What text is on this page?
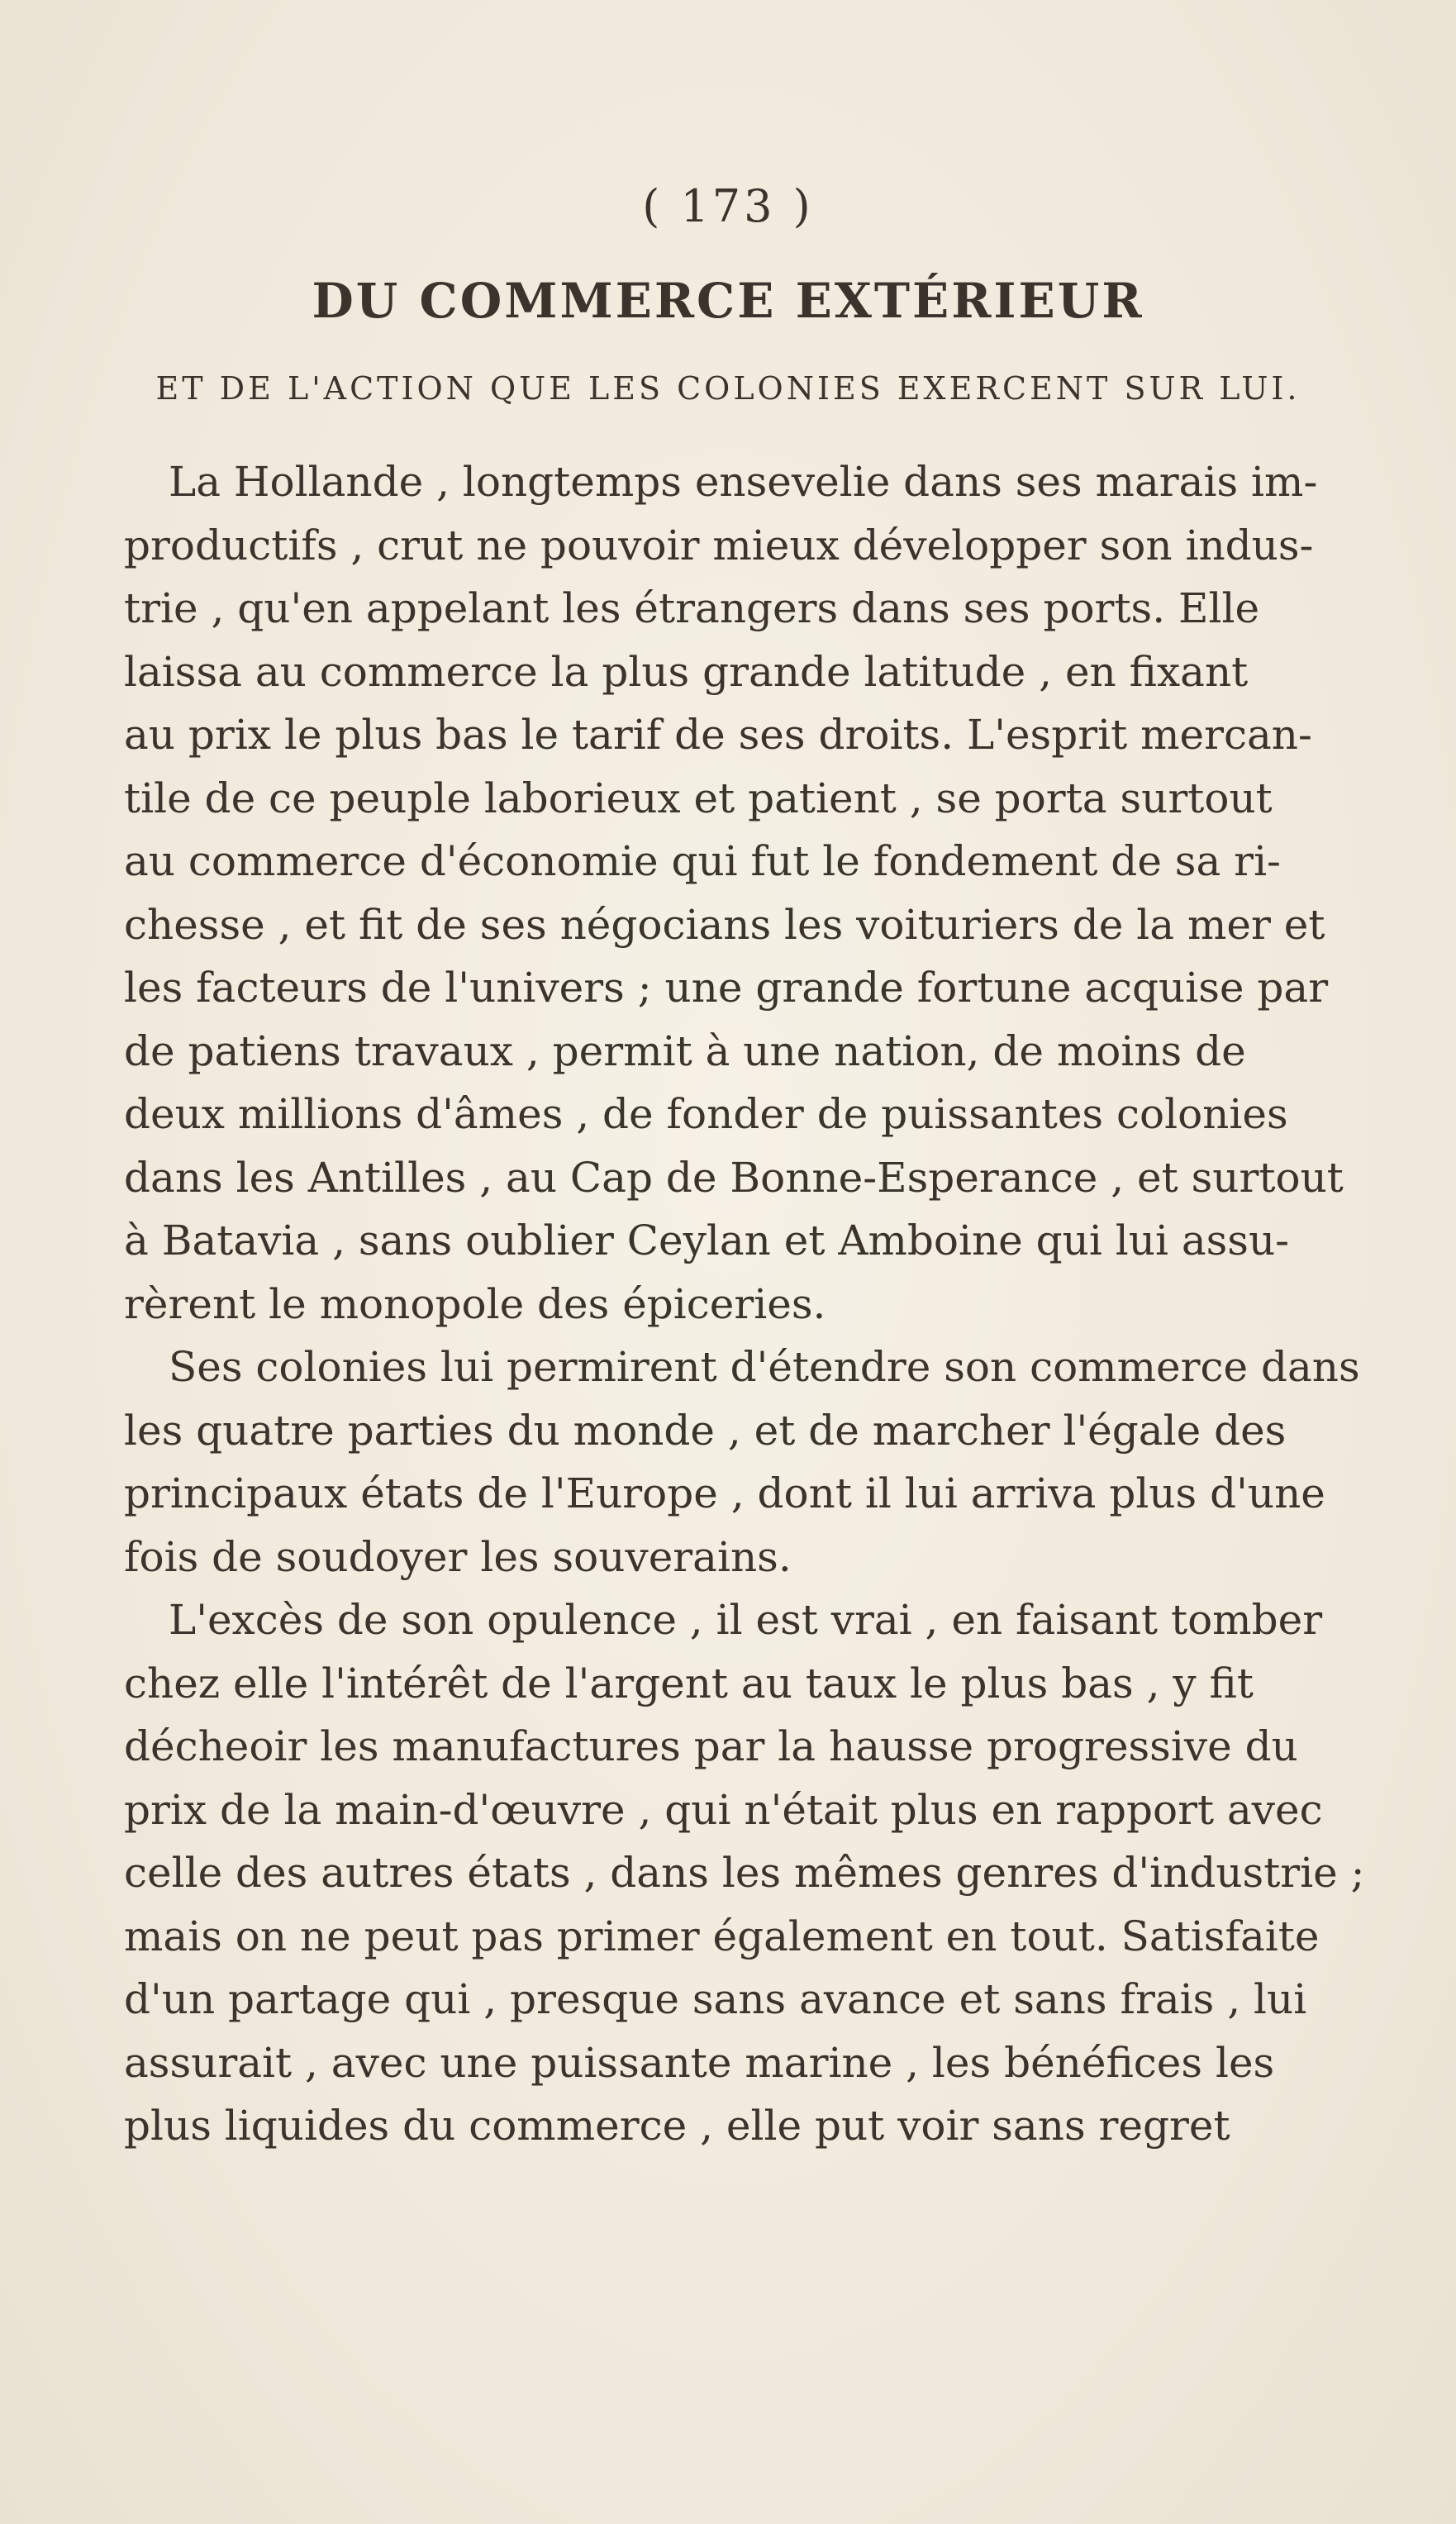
( 173 )
DU COMMERCE EXTÉRIEUR
ET DE L'ACTION QUE LES COLONIES EXERCENT SUR LUI.
La Hollande , longtemps ensevelie dans ses marais im-
productifs , crut ne pouvoir mieux développer son indus-
trie , qu'en appelant les étrangers dans ses ports. Elle
laissa au commerce la plus grande latitude , en fixant
au prix le plus bas le tarif de ses droits. L'esprit mercan-
tile de ce peuple laborieux et patient , se porta surtout
au commerce d'économie qui fut le fondement de sa ri-
chesse , et fit de ses négocians les voituriers de la mer et
les facteurs de l'univers ; une grande fortune acquise par
de patiens travaux , permit à une nation, de moins de
deux millions d'âmes , de fonder de puissantes colonies
dans les Antilles , au Cap de Bonne-Esperance , et surtout
à Batavia , sans oublier Ceylan et Amboine qui lui assu-
rèrent le monopole des épiceries.
Ses colonies lui permirent d'étendre son commerce dans
les quatre parties du monde , et de marcher l'égale des
principaux états de l'Europe , dont il lui arriva plus d'une
fois de soudoyer les souverains.
L'excès de son opulence , il est vrai , en faisant tomber
chez elle l'intérêt de l'argent au taux le plus bas , y fit
décheoir les manufactures par la hausse progressive du
prix de la main-d'œuvre , qui n'était plus en rapport avec
celle des autres états , dans les mêmes genres d'industrie ;
mais on ne peut pas primer également en tout. Satisfaite
d'un partage qui , presque sans avance et sans frais , lui
assurait , avec une puissante marine , les bénéfices les
plus liquides du commerce , elle put voir sans regret
